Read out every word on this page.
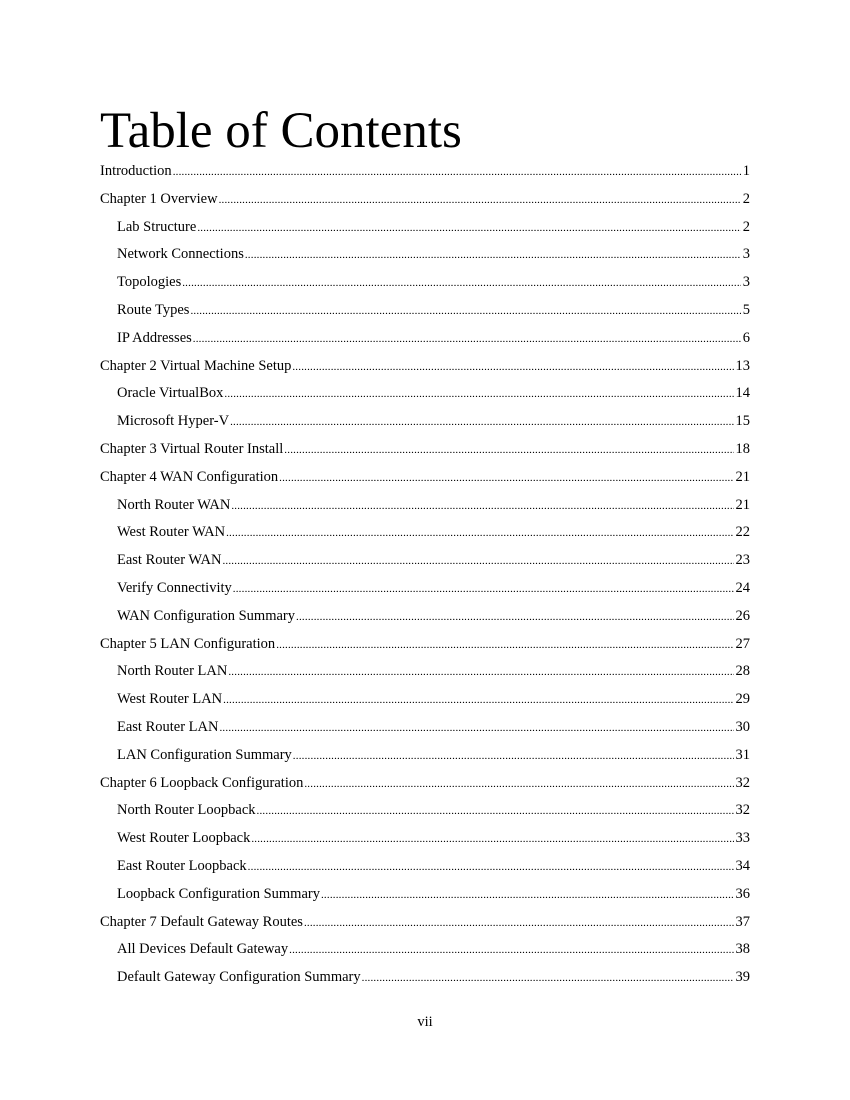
Table of Contents
Introduction .....	1
Chapter 1 Overview .....	2
Lab Structure .....	2
Network Connections .....	3
Topologies .....	3
Route Types .....	5
IP Addresses .....	6
Chapter 2 Virtual Machine Setup .....	13
Oracle VirtualBox .....	14
Microsoft Hyper-V .....	15
Chapter 3 Virtual Router Install .....	18
Chapter 4 WAN Configuration .....	21
North Router WAN .....	21
West Router WAN .....	22
East Router WAN .....	23
Verify Connectivity .....	24
WAN Configuration Summary .....	26
Chapter 5 LAN Configuration .....	27
North Router LAN .....	28
West Router LAN .....	29
East Router LAN .....	30
LAN Configuration Summary .....	31
Chapter 6 Loopback Configuration .....	32
North Router Loopback .....	32
West Router Loopback .....	33
East Router Loopback .....	34
Loopback Configuration Summary .....	36
Chapter 7 Default Gateway Routes .....	37
All Devices Default Gateway .....	38
Default Gateway Configuration Summary .....	39
vii
